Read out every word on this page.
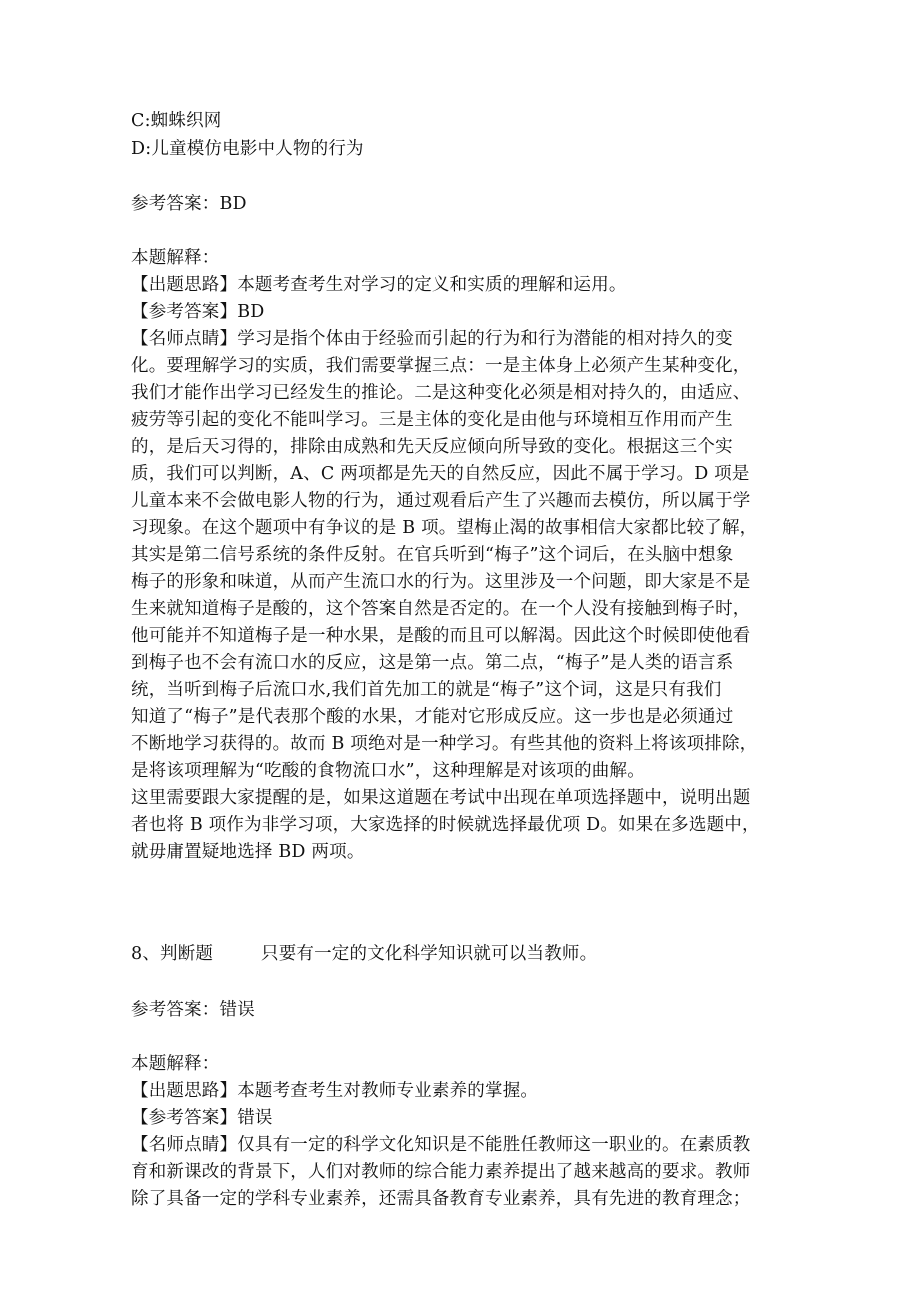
C:蜘蛛织网
D:儿童模仿电影中人物的行为
参考答案：BD
本题解释：
【出题思路】本题考查考生对学习的定义和实质的理解和运用。
【参考答案】BD
【名师点睛】学习是指个体由于经验而引起的行为和行为潜能的相对持久的变
化。要理解学习的实质，我们需要掌握三点：一是主体身上必须产生某种变化，
我们才能作出学习已经发生的推论。二是这种变化必须是相对持久的，由适应、
疲劳等引起的变化不能叫学习。三是主体的变化是由他与环境相互作用而产生
的，是后天习得的，排除由成熟和先天反应倾向所导致的变化。根据这三个实
质，我们可以判断，A、C 两项都是先天的自然反应，因此不属于学习。D 项是
儿童本来不会做电影人物的行为，通过观看后产生了兴趣而去模仿，所以属于学
习现象。在这个题项中有争议的是 B 项。望梅止渴的故事相信大家都比较了解，
其实是第二信号系统的条件反射。在官兵听到“梅子”这个词后，在头脑中想象
梅子的形象和味道，从而产生流口水的行为。这里涉及一个问题，即大家是不是
生来就知道梅子是酸的，这个答案自然是否定的。在一个人没有接触到梅子时，
他可能并不知道梅子是一种水果，是酸的而且可以解渴。因此这个时候即使他看
到梅子也不会有流口水的反应，这是第一点。第二点，“梅子”是人类的语言系
统，当听到梅子后流口水,我们首先加工的就是“梅子”这个词，这是只有我们
知道了“梅子”是代表那个酸的水果，才能对它形成反应。这一步也是必须通过
不断地学习获得的。故而 B 项绝对是一种学习。有些其他的资料上将该项排除，
是将该项理解为“吃酸的食物流口水”，这种理解是对该项的曲解。
这里需要跟大家提醒的是，如果这道题在考试中出现在单项选择题中，说明出题
者也将 B 项作为非学习项，大家选择的时候就选择最优项 D。如果在多选题中，
就毋庸置疑地选择 BD 两项。
8、判断题	只要有一定的文化科学知识就可以当教师。
参考答案：错误
本题解释：
【出题思路】本题考查考生对教师专业素养的掌握。
【参考答案】错误
【名师点睛】仅具有一定的科学文化知识是不能胜任教师这一职业的。在素质教
育和新课改的背景下，人们对教师的综合能力素养提出了越来越高的要求。教师
除了具备一定的学科专业素养，还需具备教育专业素养，具有先进的教育理念；
